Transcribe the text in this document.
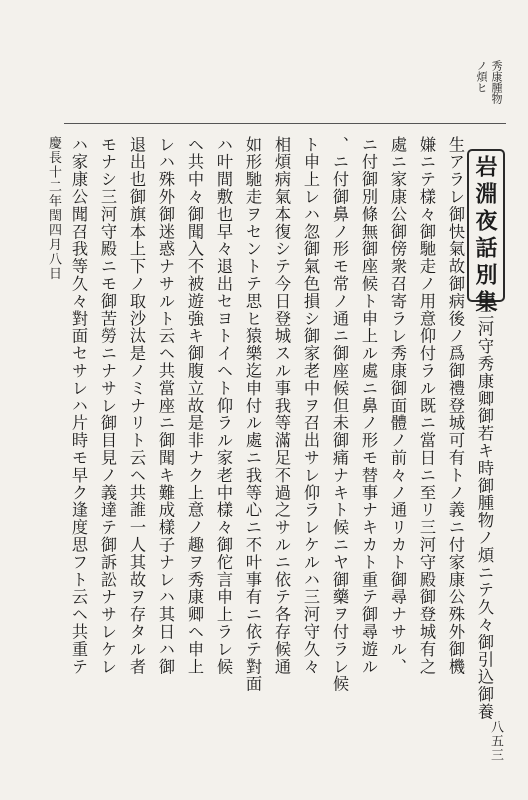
秀康腫物
ノ煩ヒ
岩淵夜話別集
三河守秀康卿御若キ時御腫物ノ煩ニテ久々御引込御養
生アラレ御快氣故御病後ノ爲御禮登城可有トノ義ニ付家康公殊外御機
嫌ニテ樣々御馳走ノ用意仰付ラル既ニ當日ニ至リ三河守殿御登城有之
處ニ家康公御傍衆召寄ラレ秀康御面體ノ前々ノ通リカト御尋ナサル、
ニ付御別條無御座候ト申上ル處ニ鼻ノ形モ替事ナキカト重テ御尋遊ル
、ニ付御鼻ノ形モ常ノ通ニ御座候但未御痛ナキト候ニヤ御藥ヲ付ラレ候
ト申上レハ忽御氣色損シ御家老中ヲ召出サレ仰ラレケルハ三河守久々
相煩病氣本復シテ今日登城スル事我等滿足不過之サルニ依テ各存候通
如形馳走ヲセントテ思ヒ猿樂迄申付ル處ニ我等心ニ不叶事有ニ依テ對面
ハ叶間敷也早々退出セヨトイヘト仰ラル家老中樣々御佗言申上ラレ候
ヘ共中々御聞入不被遊強キ御腹立故是非ナク上意ノ趣ヲ秀康卿ヘ申上
レハ殊外御迷惑ナサルト云ヘ共當座ニ御聞キ難成樣子ナレハ其日ハ御
退出也御旗本上下ノ取沙汰是ノミナリト云ヘ共誰一人其故ヲ存タル者
モナシ三河守殿ニモ御苦勞ニナサレ御目見ノ義達テ御訴訟ナサレケレ
ハ家康公聞召我等久々對面セサレハ片時モ早ク逢度思フト云ヘ共重テ
慶長十二年閏四月八日
八五三
